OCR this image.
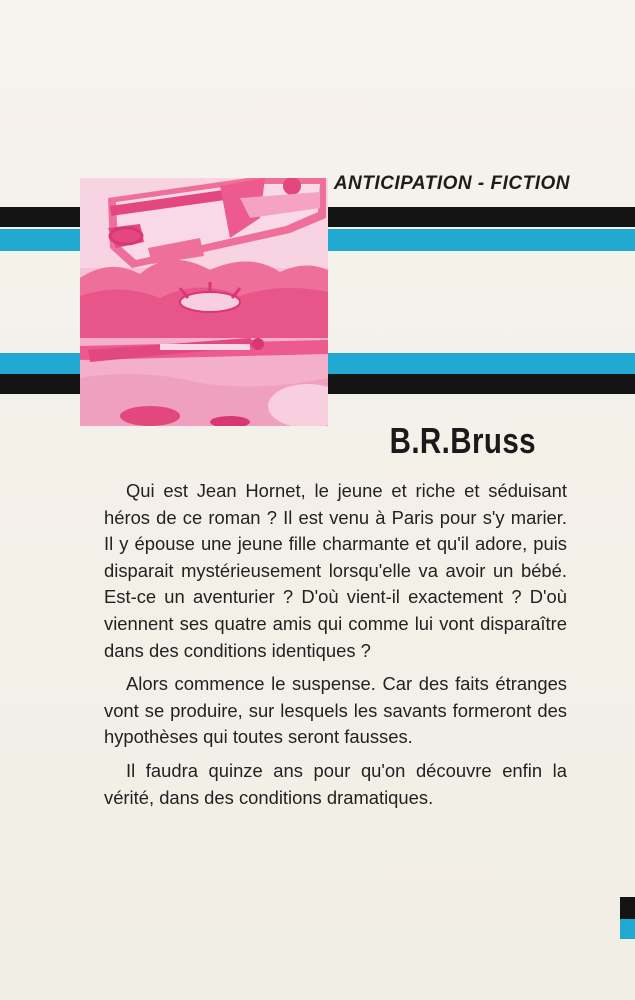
ANTICIPATION - FICTION
B.R.Bruss

Qui est Jean Hornet, le jeune et riche et séduisant héros de ce roman ? Il est venu à Paris pour s'y marier. Il y épouse une jeune fille charmante et qu'il adore, puis disparait mystérieusement lorsqu'elle va avoir un bébé. Est-ce un aventurier ? D'où vient-il exactement ? D'où viennent ses quatre amis qui comme lui vont disparaître dans des conditions identiques ?

Alors commence le suspense. Car des faits étranges vont se produire, sur lesquels les savants formeront des hypothèses qui toutes seront fausses.

Il faudra quinze ans pour qu'on découvre enfin la vérité, dans des conditions dramatiques.
